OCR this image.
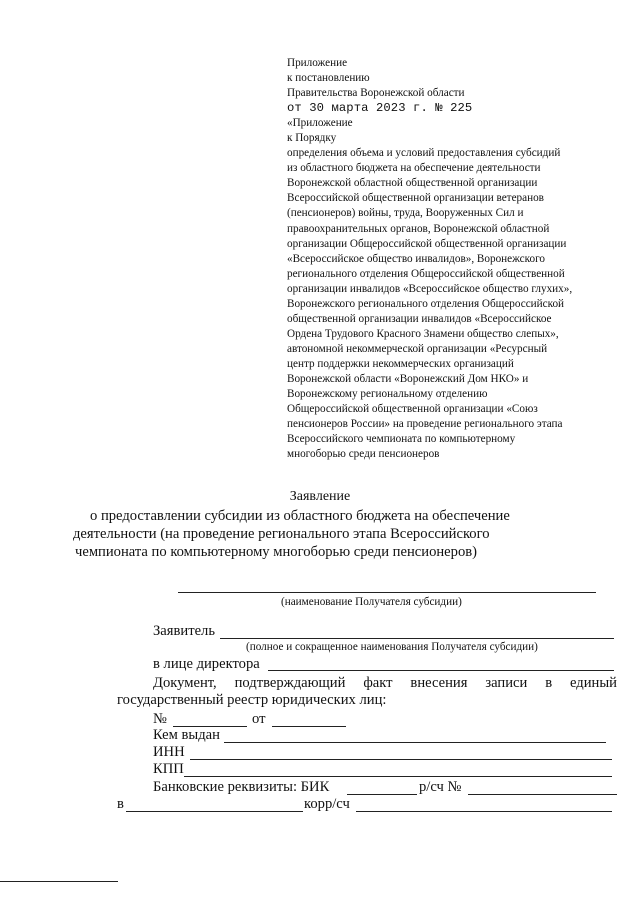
Приложение
к постановлению
Правительства Воронежской области
от 30 марта 2023 г. № 225
«Приложение
к Порядку
определения объема и условий предоставления субсидий
из областного бюджета на обеспечение деятельности
Воронежской областной общественной организации
Всероссийской общественной организации ветеранов
(пенсионеров) войны, труда, Вооруженных Сил и
правоохранительных органов, Воронежской областной
организации Общероссийской общественной организации
«Всероссийское общество инвалидов», Воронежского
регионального отделения Общероссийской общественной
организации инвалидов «Всероссийское общество глухих»,
Воронежского регионального отделения Общероссийской
общественной организации инвалидов «Всероссийское
Ордена Трудового Красного Знамени общество слепых»,
автономной некоммерческой организации «Ресурсный
центр поддержки некоммерческих организаций
Воронежской области «Воронежский Дом НКО» и
Воронежскому региональному отделению
Общероссийской общественной организации «Союз
пенсионеров России» на проведение регионального этапа
Всероссийского чемпионата по компьютерному
многоборью среди пенсионеров
Заявление
о предоставлении субсидии из областного бюджета на обеспечение
деятельности (на проведение регионального этапа Всероссийского
чемпионата по компьютерному многоборью среди пенсионеров)
(наименование Получателя субсидии)
Заявитель
(полное и сокращенное наименования Получателя субсидии)
в лице директора
Документ, подтверждающий факт внесения записи в единый
государственный реестр юридических лиц:
№	от
Кем выдан
ИНН
КПП
Банковские реквизиты: БИК	р/сч №
в	корр/сч
